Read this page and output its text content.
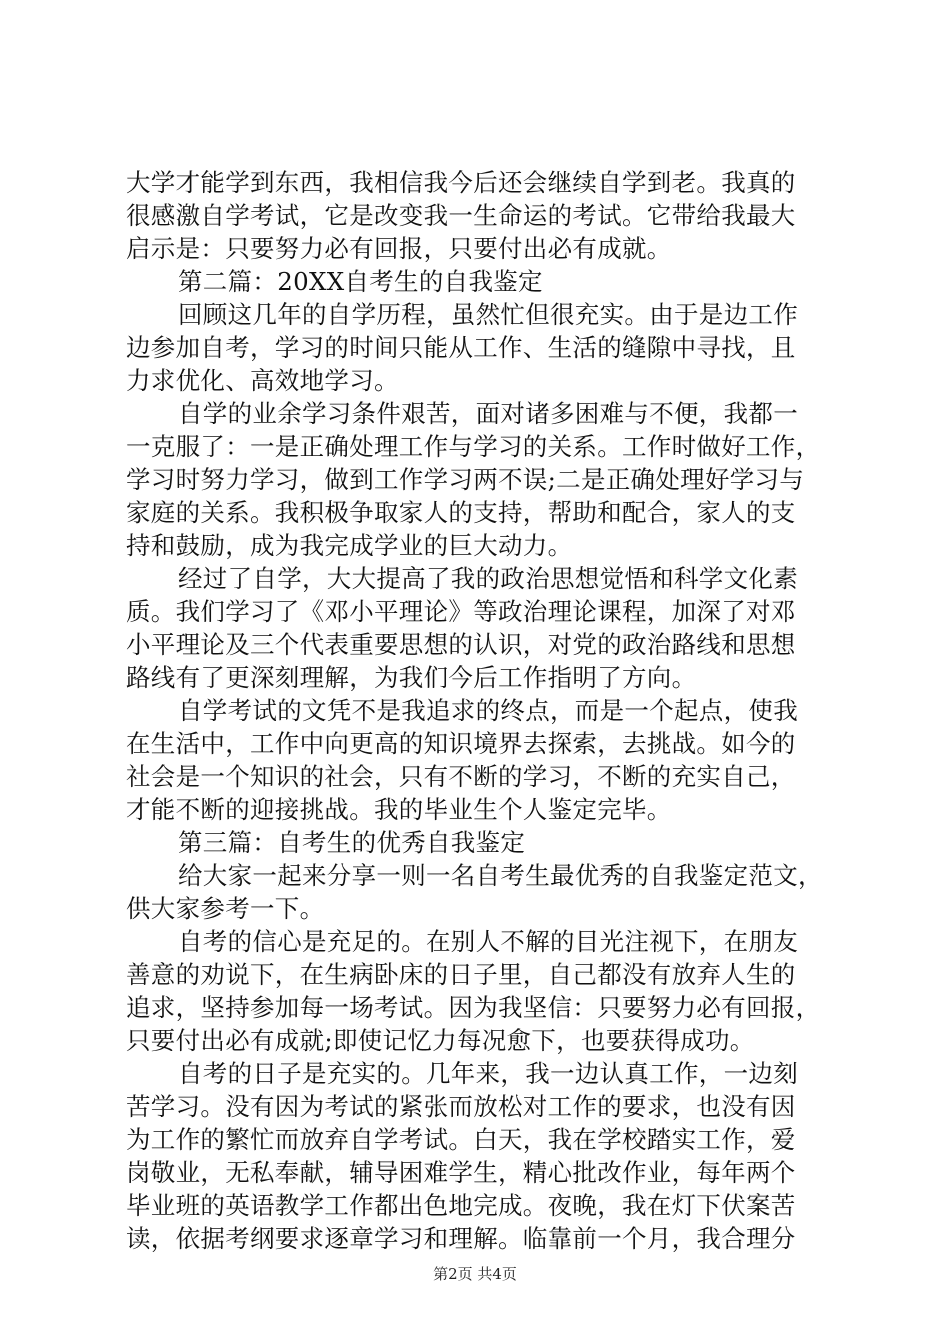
大学才能学到东西，我相信我今后还会继续自学到老。我真的
很感激自学考试，它是改变我一生命运的考试。它带给我最大
启示是：只要努力必有回报，只要付出必有成就。
第二篇：20XX自考生的自我鉴定
回顾这几年的自学历程，虽然忙但很充实。由于是边工作
边参加自考，学习的时间只能从工作、生活的缝隙中寻找，且
力求优化、高效地学习。
自学的业余学习条件艰苦，面对诸多困难与不便，我都一
一克服了：一是正确处理工作与学习的关系。工作时做好工作，
学习时努力学习，做到工作学习两不误;二是正确处理好学习与
家庭的关系。我积极争取家人的支持，帮助和配合，家人的支
持和鼓励，成为我完成学业的巨大动力。
经过了自学，大大提高了我的政治思想觉悟和科学文化素
质。我们学习了《邓小平理论》等政治理论课程，加深了对邓
小平理论及三个代表重要思想的认识，对党的政治路线和思想
路线有了更深刻理解，为我们今后工作指明了方向。
自学考试的文凭不是我追求的终点，而是一个起点，使我
在生活中，工作中向更高的知识境界去探索，去挑战。如今的
社会是一个知识的社会，只有不断的学习，不断的充实自己，
才能不断的迎接挑战。我的毕业生个人鉴定完毕。
第三篇：自考生的优秀自我鉴定
给大家一起来分享一则一名自考生最优秀的自我鉴定范文，
供大家参考一下。
自考的信心是充足的。在别人不解的目光注视下，在朋友
善意的劝说下，在生病卧床的日子里，自己都没有放弃人生的
追求，坚持参加每一场考试。因为我坚信：只要努力必有回报，
只要付出必有成就;即使记忆力每况愈下，也要获得成功。
自考的日子是充实的。几年来，我一边认真工作，一边刻
苦学习。没有因为考试的紧张而放松对工作的要求，也没有因
为工作的繁忙而放弃自学考试。白天，我在学校踏实工作，爱
岗敬业，无私奉献，辅导困难学生，精心批改作业，每年两个
毕业班的英语教学工作都出色地完成。夜晚，我在灯下伏案苦
读，依据考纲要求逐章学习和理解。临靠前一个月，我合理分
第2页 共4页
